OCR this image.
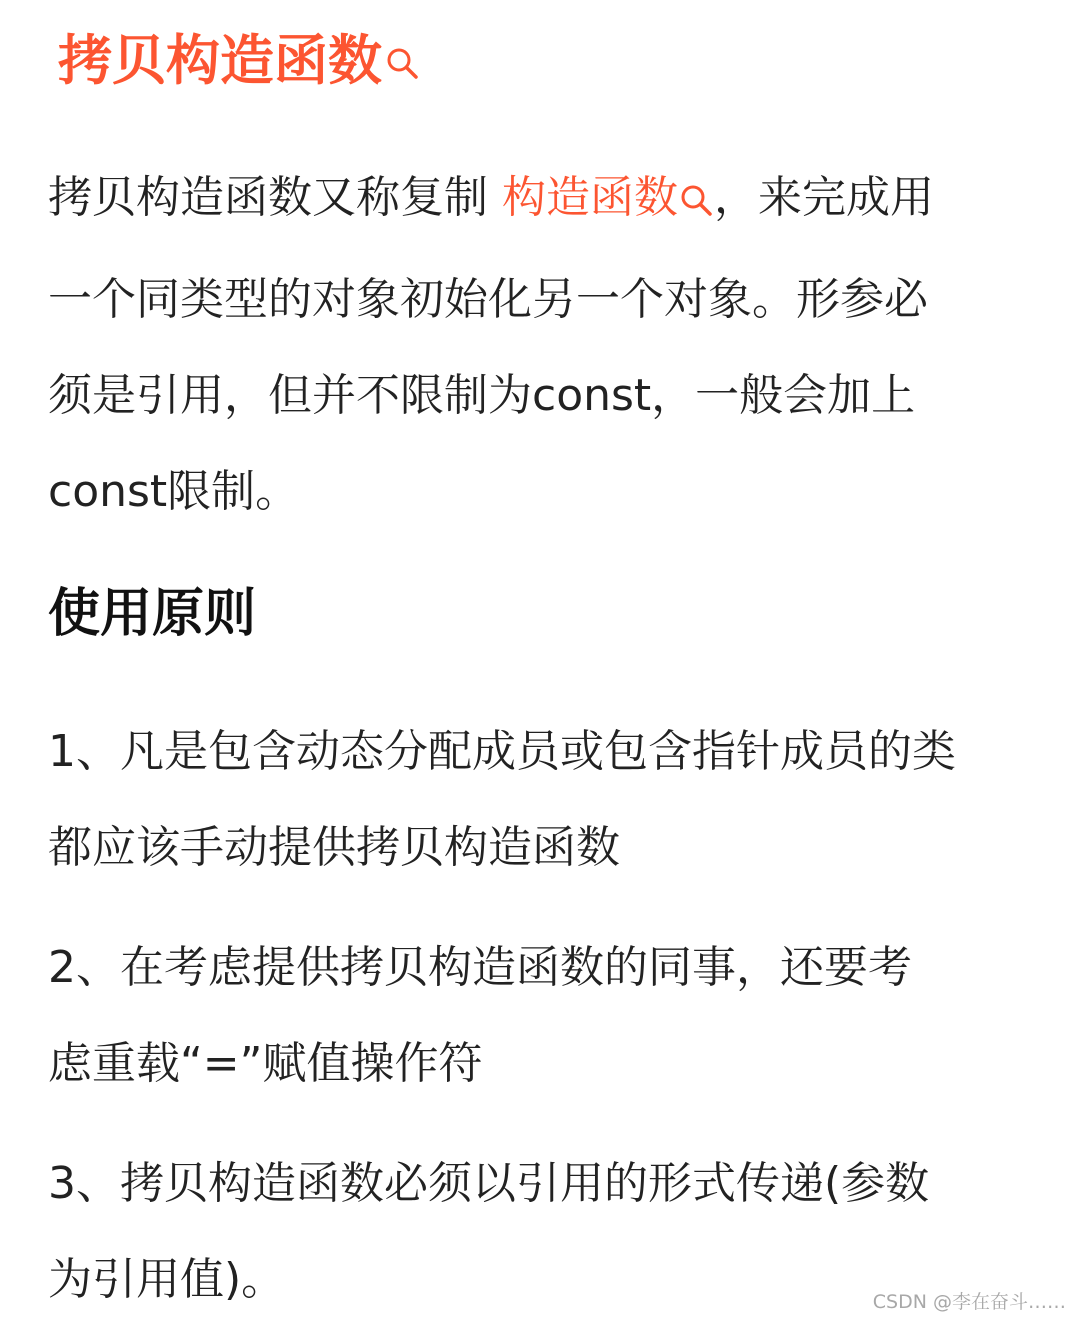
拷贝构造函数
拷贝构造函数又称复制 构造函数 ，来完成用
一个同类型的对象初始化另一个对象。形参必
须是引用，但并不限制为const，一般会加上
const限制。
使用原则
1、凡是包含动态分配成员或包含指针成员的类
都应该手动提供拷贝构造函数
2、在考虑提供拷贝构造函数的同事，还要考
虑重载“=”赋值操作符
3、拷贝构造函数必须以引用的形式传递(参数
为引用值)。	CSDN @李在奋斗……
